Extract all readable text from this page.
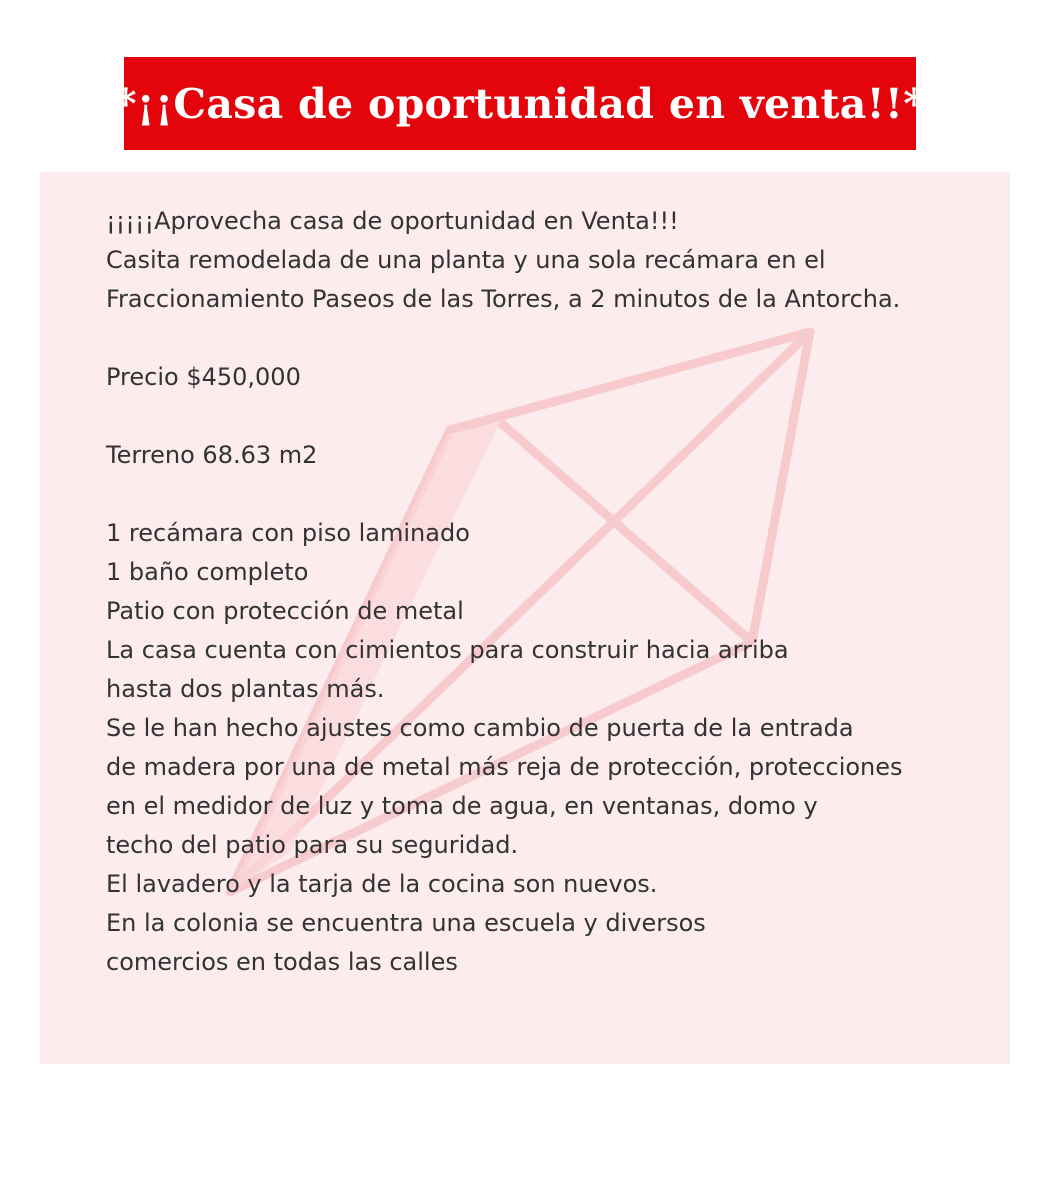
*¡¡Casa de oportunidad en venta!!*
¡¡¡¡¡Aprovecha casa de oportunidad en Venta!!!
Casita remodelada de una planta y una sola recámara en el
Fraccionamiento Paseos de las Torres, a 2 minutos de la Antorcha.
Precio $450,000
Terreno 68.63 m2
1 recámara con piso laminado
1 baño completo
Patio con protección de metal
La casa cuenta con cimientos para construir hacia arriba
hasta dos plantas más.
Se le han hecho ajustes como cambio de puerta de la entrada
de madera por una de metal más reja de protección, protecciones
en el medidor de luz y toma de agua, en ventanas, domo y
techo del patio para su seguridad.
El lavadero y la tarja de la cocina son nuevos.
En la colonia se encuentra una escuela y diversos
comercios en todas las calles
